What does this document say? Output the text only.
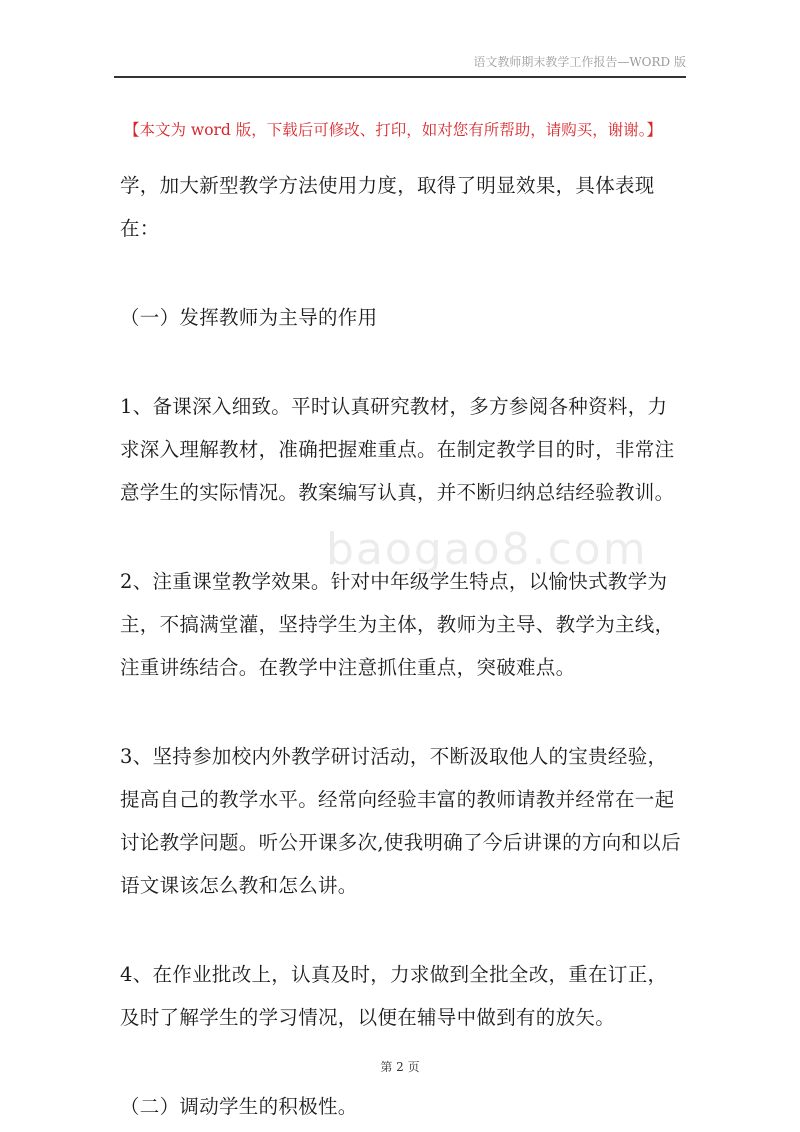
语文教师期末教学工作报告—WORD 版
【本文为 word 版，下载后可修改、打印，如对您有所帮助，请购买，谢谢。】

学，加大新型教学方法使用力度，取得了明显效果，具体表现在：

（一）发挥教师为主导的作用

1、备课深入细致。平时认真研究教材，多方参阅各种资料，力求深入理解教材，准确把握难重点。在制定教学目的时，非常注意学生的实际情况。教案编写认真，并不断归纳总结经验教训。

2、注重课堂教学效果。针对中年级学生特点，以愉快式教学为主，不搞满堂灌，坚持学生为主体，教师为主导、教学为主线，注重讲练结合。在教学中注意抓住重点，突破难点。

3、坚持参加校内外教学研讨活动，不断汲取他人的宝贵经验，提高自己的教学水平。经常向经验丰富的教师请教并经常在一起讨论教学问题。听公开课多次,使我明确了今后讲课的方向和以后语文课该怎么教和怎么讲。

4、在作业批改上，认真及时，力求做到全批全改，重在订正，及时了解学生的学习情况，以便在辅导中做到有的放矢。

（二）调动学生的积极性。

baogao8.com
第 2 页
